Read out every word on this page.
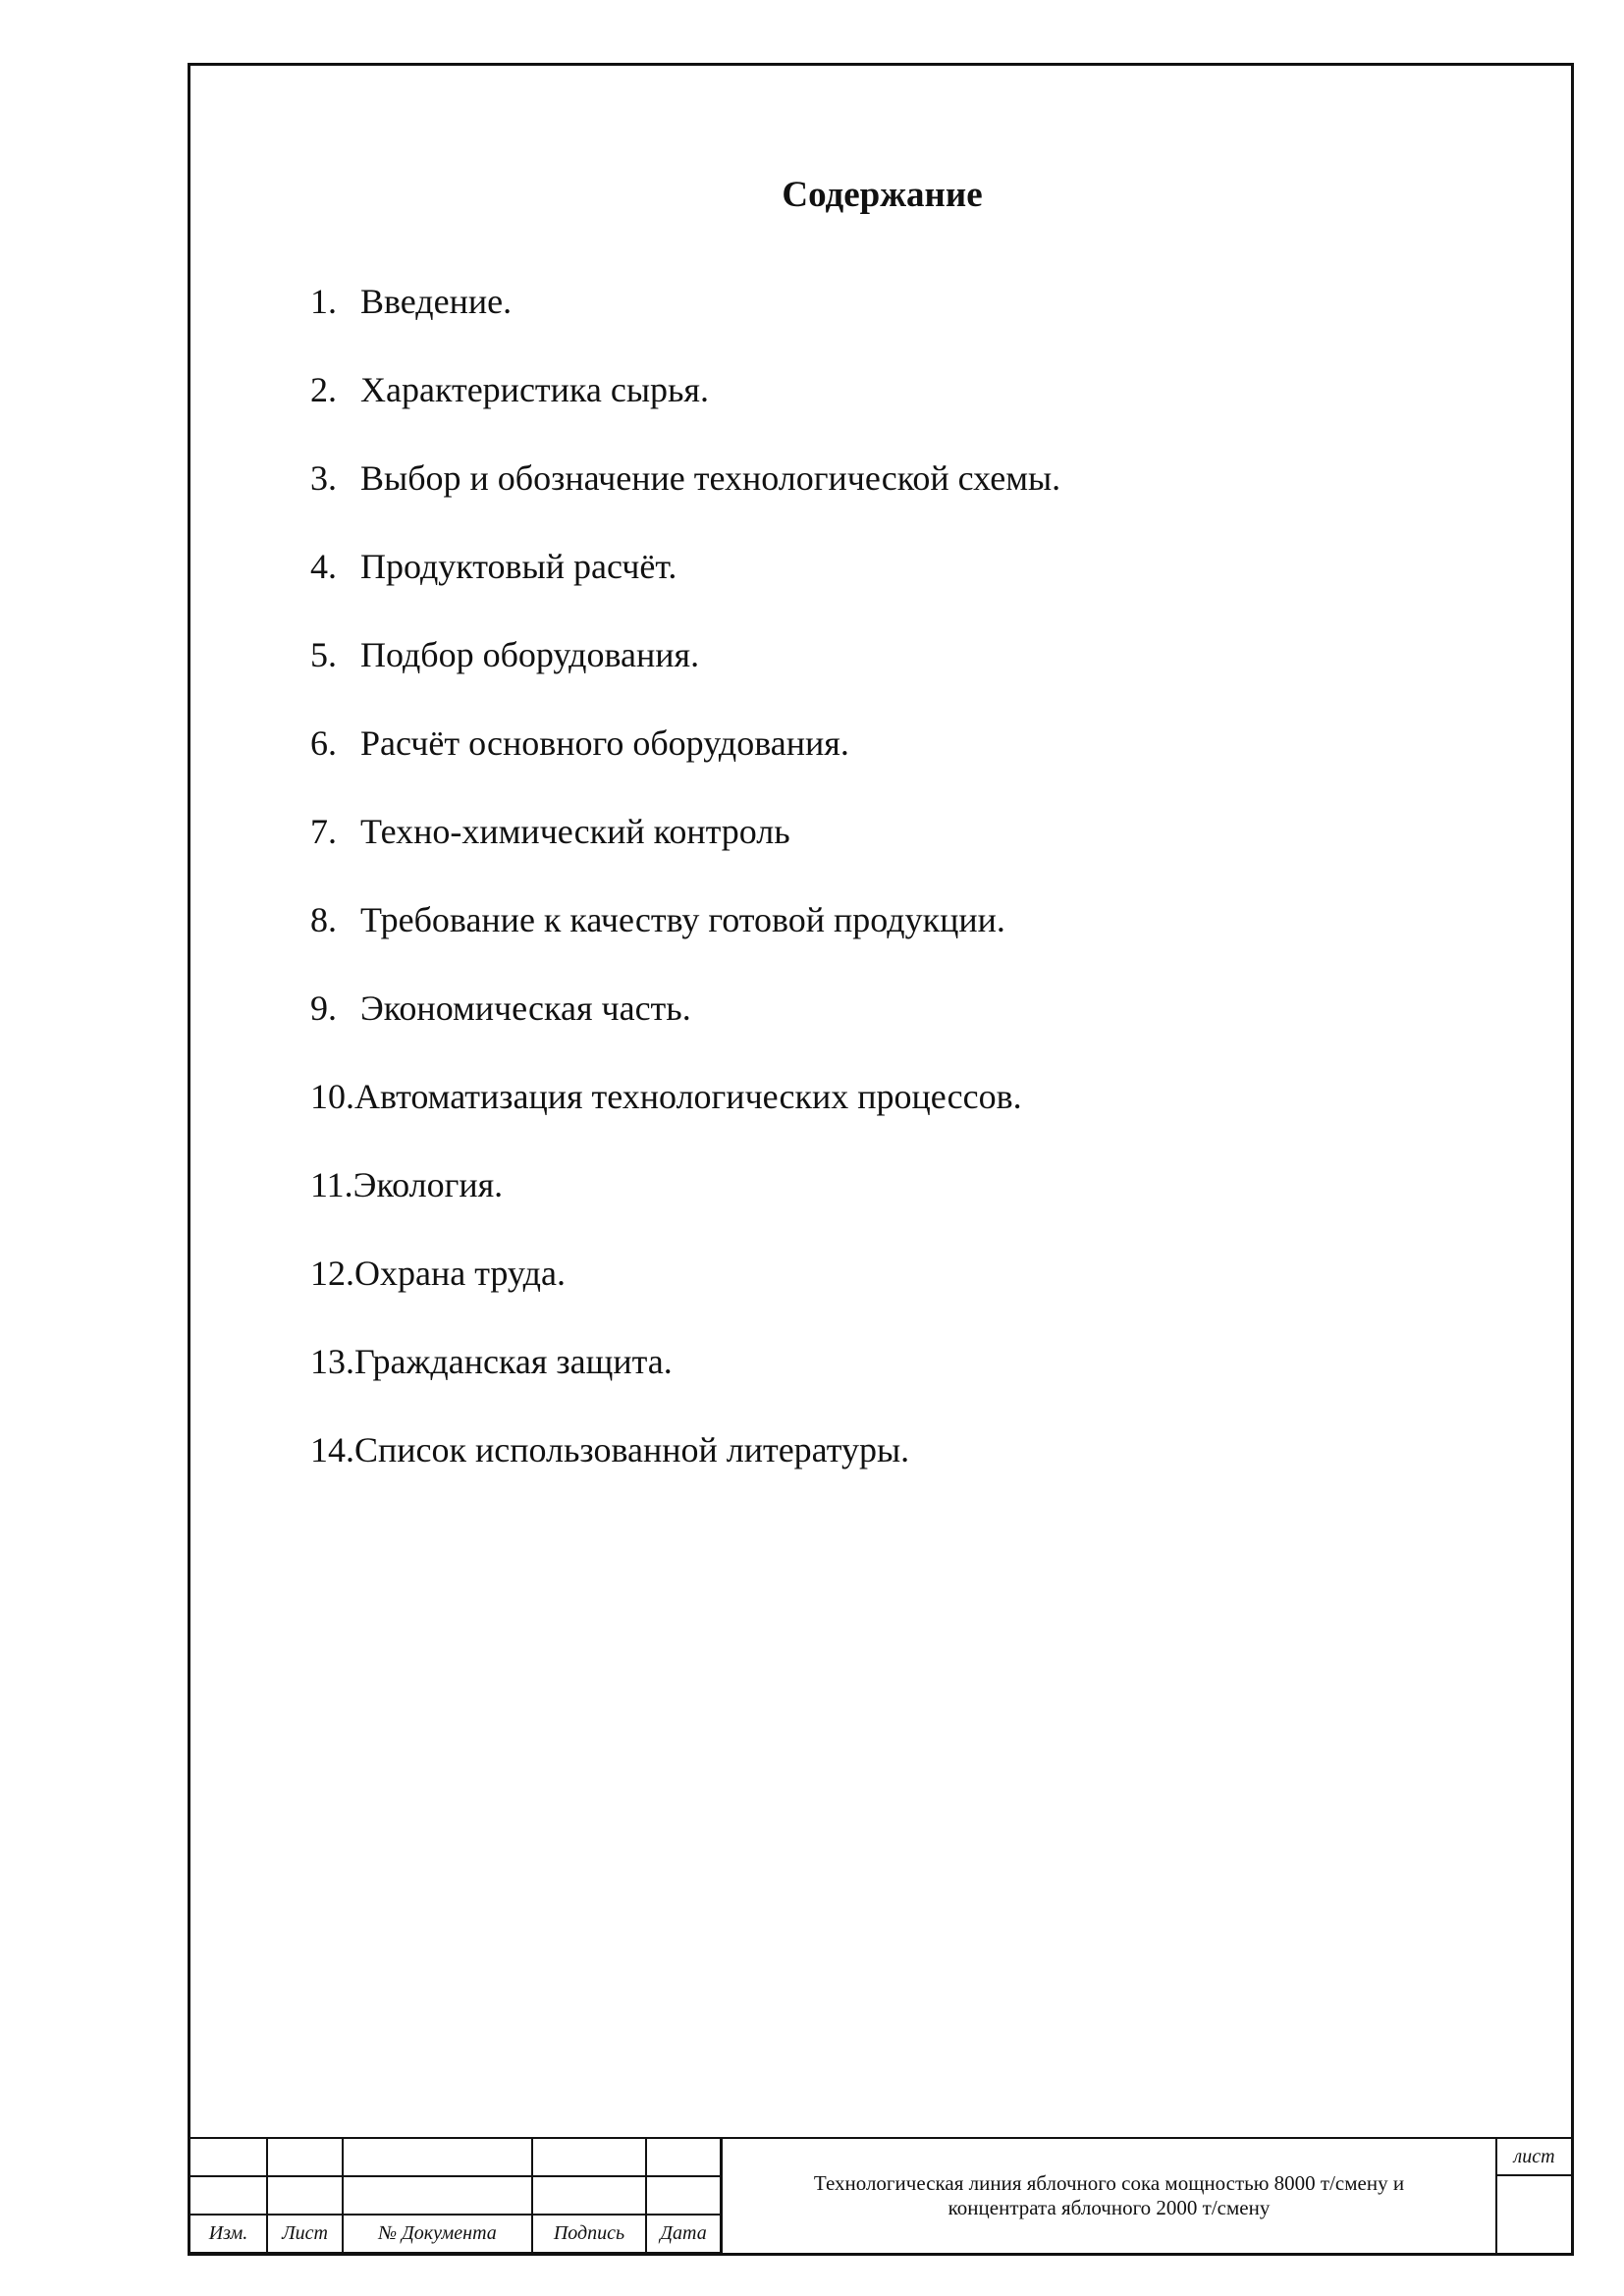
Содержание
1. Введение.
2. Характеристика сырья.
3. Выбор и обозначение технологической схемы.
4. Продуктовый расчёт.
5. Подбор оборудования.
6. Расчёт основного оборудования.
7. Техно-химический контроль
8. Требование к качеству готовой продукции.
9. Экономическая часть.
10. Автоматизация технологических процессов.
11. Экология.
12. Охрана труда.
13. Гражданская защита.
14. Список использованной литературы.

Изм.	Лист	№ Документа	Подпись	Дата
Технологическая линия яблочного сока мощностью 8000 т/смену и концентрата яблочного 2000 т/смену
лист
